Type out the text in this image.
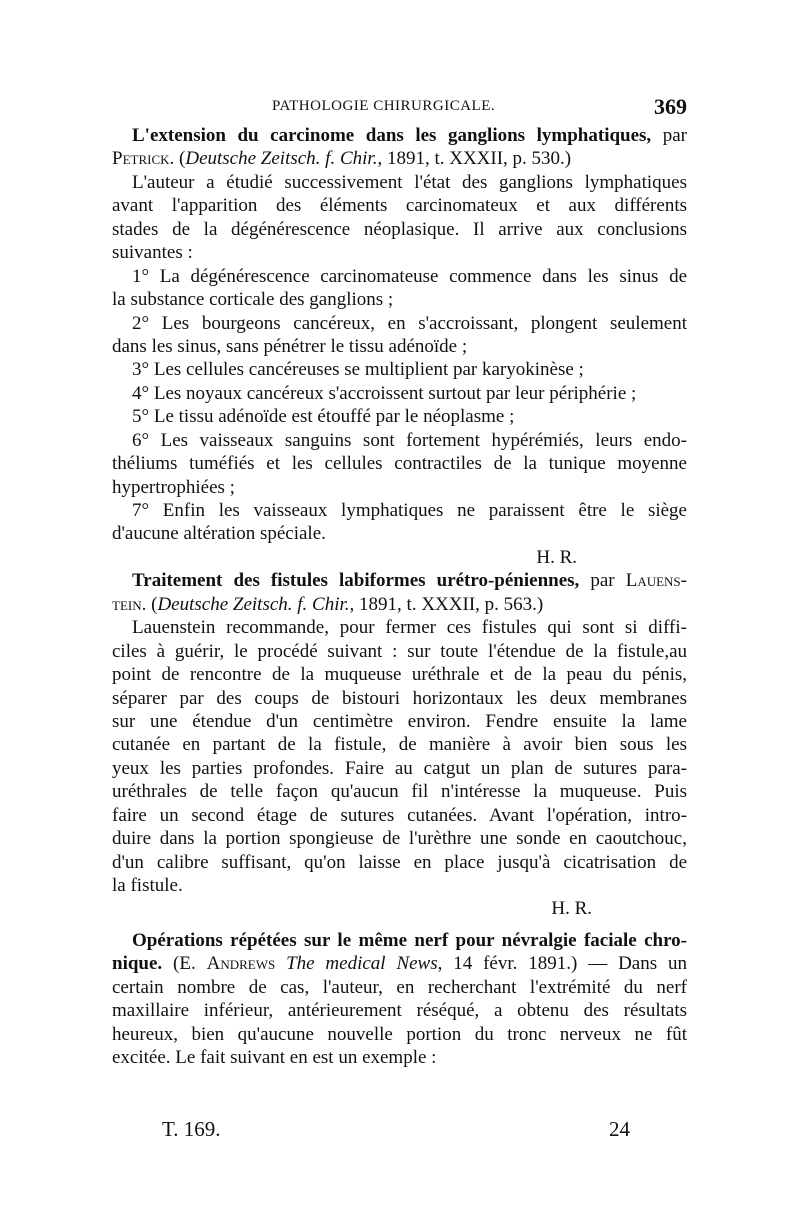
PATHOLOGIE CHIRURGICALE.	369
L'extension du carcinome dans les ganglions lymphatiques, par
Petrick. (Deutsche Zeitsch. f. Chir., 1891, t. XXXII, p. 530.)
L'auteur a étudié successivement l'état des ganglions lymphatiques
avant l'apparition des éléments carcinomateux et aux différents
stades de la dégénérescence néoplasique. Il arrive aux conclusions
suivantes :
1° La dégénérescence carcinomateuse commence dans les sinus de
la substance corticale des ganglions ;
2° Les bourgeons cancéreux, en s'accroissant, plongent seulement
dans les sinus, sans pénétrer le tissu adénoïde ;
3° Les cellules cancéreuses se multiplient par karyokinèse ;
4° Les noyaux cancéreux s'accroissent surtout par leur périphérie ;
5° Le tissu adénoïde est étouffé par le néoplasme ;
6° Les vaisseaux sanguins sont fortement hypérémiés, leurs endo-
théliums tuméfiés et les cellules contractiles de la tunique moyenne
hypertrophiées ;
7° Enfin les vaisseaux lymphatiques ne paraissent être le siège
d'aucune altération spéciale.
H. R.
Traitement des fistules labiformes urétro-péniennes, par Lauens-
tein. (Deutsche Zeitsch. f. Chir., 1891, t. XXXII, p. 563.)
Lauenstein recommande, pour fermer ces fistules qui sont si diffi-
ciles à guérir, le procédé suivant : sur toute l'étendue de la fistule,au
point de rencontre de la muqueuse uréthrale et de la peau du pénis,
séparer par des coups de bistouri horizontaux les deux membranes
sur une étendue d'un centimètre environ. Fendre ensuite la lame
cutanée en partant de la fistule, de manière à avoir bien sous les
yeux les parties profondes. Faire au catgut un plan de sutures para-
uréthrales de telle façon qu'aucun fil n'intéresse la muqueuse. Puis
faire un second étage de sutures cutanées. Avant l'opération, intro-
duire dans la portion spongieuse de l'urèthre une sonde en caoutchouc,
d'un calibre suffisant, qu'on laisse en place jusqu'à cicatrisation de
la fistule.
H. R.
Opérations répétées sur le même nerf pour névralgie faciale chro-
nique. (E. Andrews The medical News, 14 févr. 1891.) — Dans un
certain nombre de cas, l'auteur, en recherchant l'extrémité du nerf
maxillaire inférieur, antérieurement réséqué, a obtenu des résultats
heureux, bien qu'aucune nouvelle portion du tronc nerveux ne fût
excitée. Le fait suivant en est un exemple :
T. 169.	24
